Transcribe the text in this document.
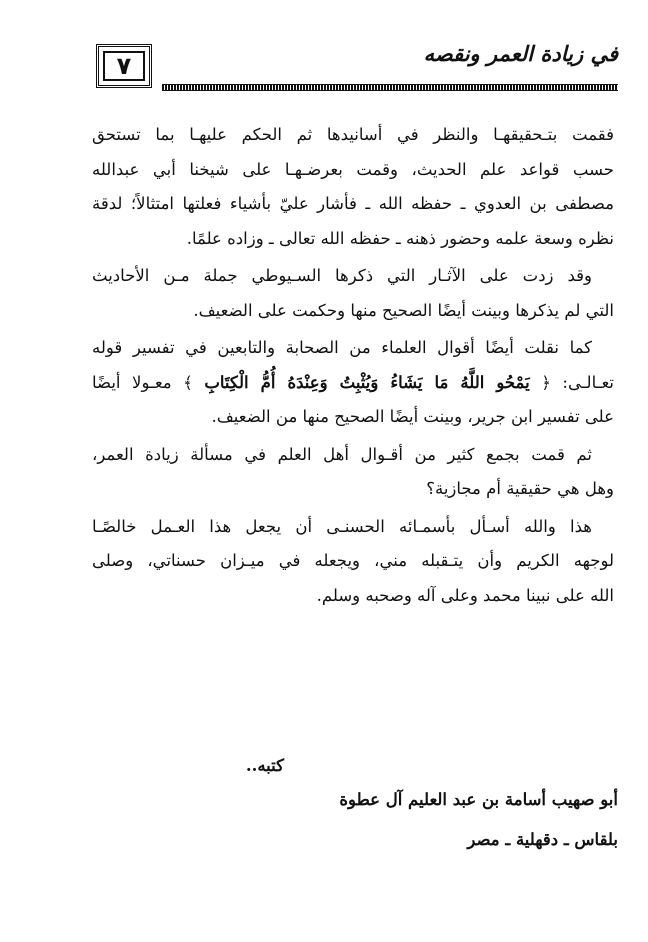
٧	في زيادة العمر ونقصه

فقمت بتـحقيقهـا والنظر في أسانيدها ثم الحكم عليهـا بما تستحق
حسب قواعد علم الحديث، وقمت بعرضـهـا على شيخنا أبي عبدالله
مصطفى بن العدوي ـ حفظه الله ـ فأشار عليّ بأشياء فعلتها امتثالاً؛ لدقة
نظره وسعة علمه وحضور ذهنه ـ حفظه الله تعالى ـ وزاده علمًا.

وقد زدت على الآثـار التي ذكرها السـيوطي جملة مـن الأحاديث
التي لم يذكرها وبينت أيضًا الصحيح منها وحكمت على الضعيف.

كما نقلت أيضًا أقوال العلماء من الصحابة والتابعين في تفسير قوله
تعـالـى: ﴿ يَمْحُو اللَّهُ مَا يَشَاءُ وَيُثْبِتُ وَعِنْدَهُ أُمُّ الْكِتَابِ ﴾ معـولا أيضًا
على تفسير ابن جرير، وبينت أيضًا الصحيح منها من الضعيف.

ثم قمت بجمع كثير من أقـوال أهل العلم في مسألة زيادة العمر،
وهل هي حقيقية أم مجازية؟

هذا والله أسـأل بأسمـائه الحسنـى أن يجعل هذا العـمل خالصًـا
لوجهه الكريم وأن يتـقبله مني، ويجعله في ميـزان حسناتي، وصلى
الله على نبينا محمد وعلى آله وصحبه وسلم.

كتبه..
أبو صهيب أسامة بن عبد العليم آل عطوة
بلقاس ـ دقهلية ـ مصر
